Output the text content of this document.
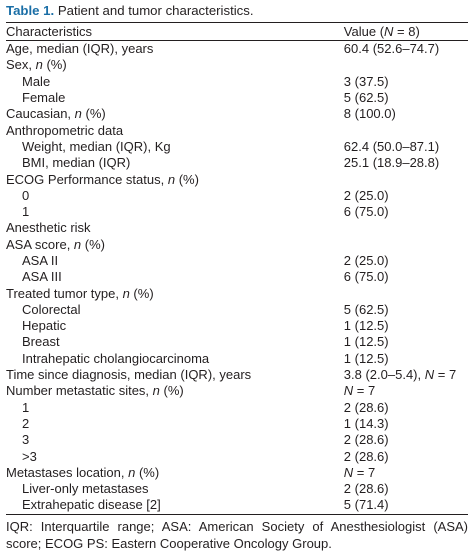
Table 1. Patient and tumor characteristics.
Characteristics	Value (N = 8)
Age, median (IQR), years	60.4 (52.6–74.7)
Sex, n (%)	
Male	3 (37.5)
Female	5 (62.5)
Caucasian, n (%)	8 (100.0)
Anthropometric data	
Weight, median (IQR), Kg	62.4 (50.0–87.1)
BMI, median (IQR)	25.1 (18.9–28.8)
ECOG Performance status, n (%)	
0	2 (25.0)
1	6 (75.0)
Anesthetic risk	
ASA score, n (%)	
ASA II	2 (25.0)
ASA III	6 (75.0)
Treated tumor type, n (%)	
Colorectal	5 (62.5)
Hepatic	1 (12.5)
Breast	1 (12.5)
Intrahepatic cholangiocarcinoma	1 (12.5)
Time since diagnosis, median (IQR), years	3.8 (2.0–5.4), N = 7
Number metastatic sites, n (%)	N = 7
1	2 (28.6)
2	1 (14.3)
3	2 (28.6)
>3	2 (28.6)
Metastases location, n (%)	N = 7
Liver-only metastases	2 (28.6)
Extrahepatic disease [2]	5 (71.4)
IQR: Interquartile range; ASA: American Society of Anesthesiologist (ASA)
score; ECOG PS: Eastern Cooperative Oncology Group.
